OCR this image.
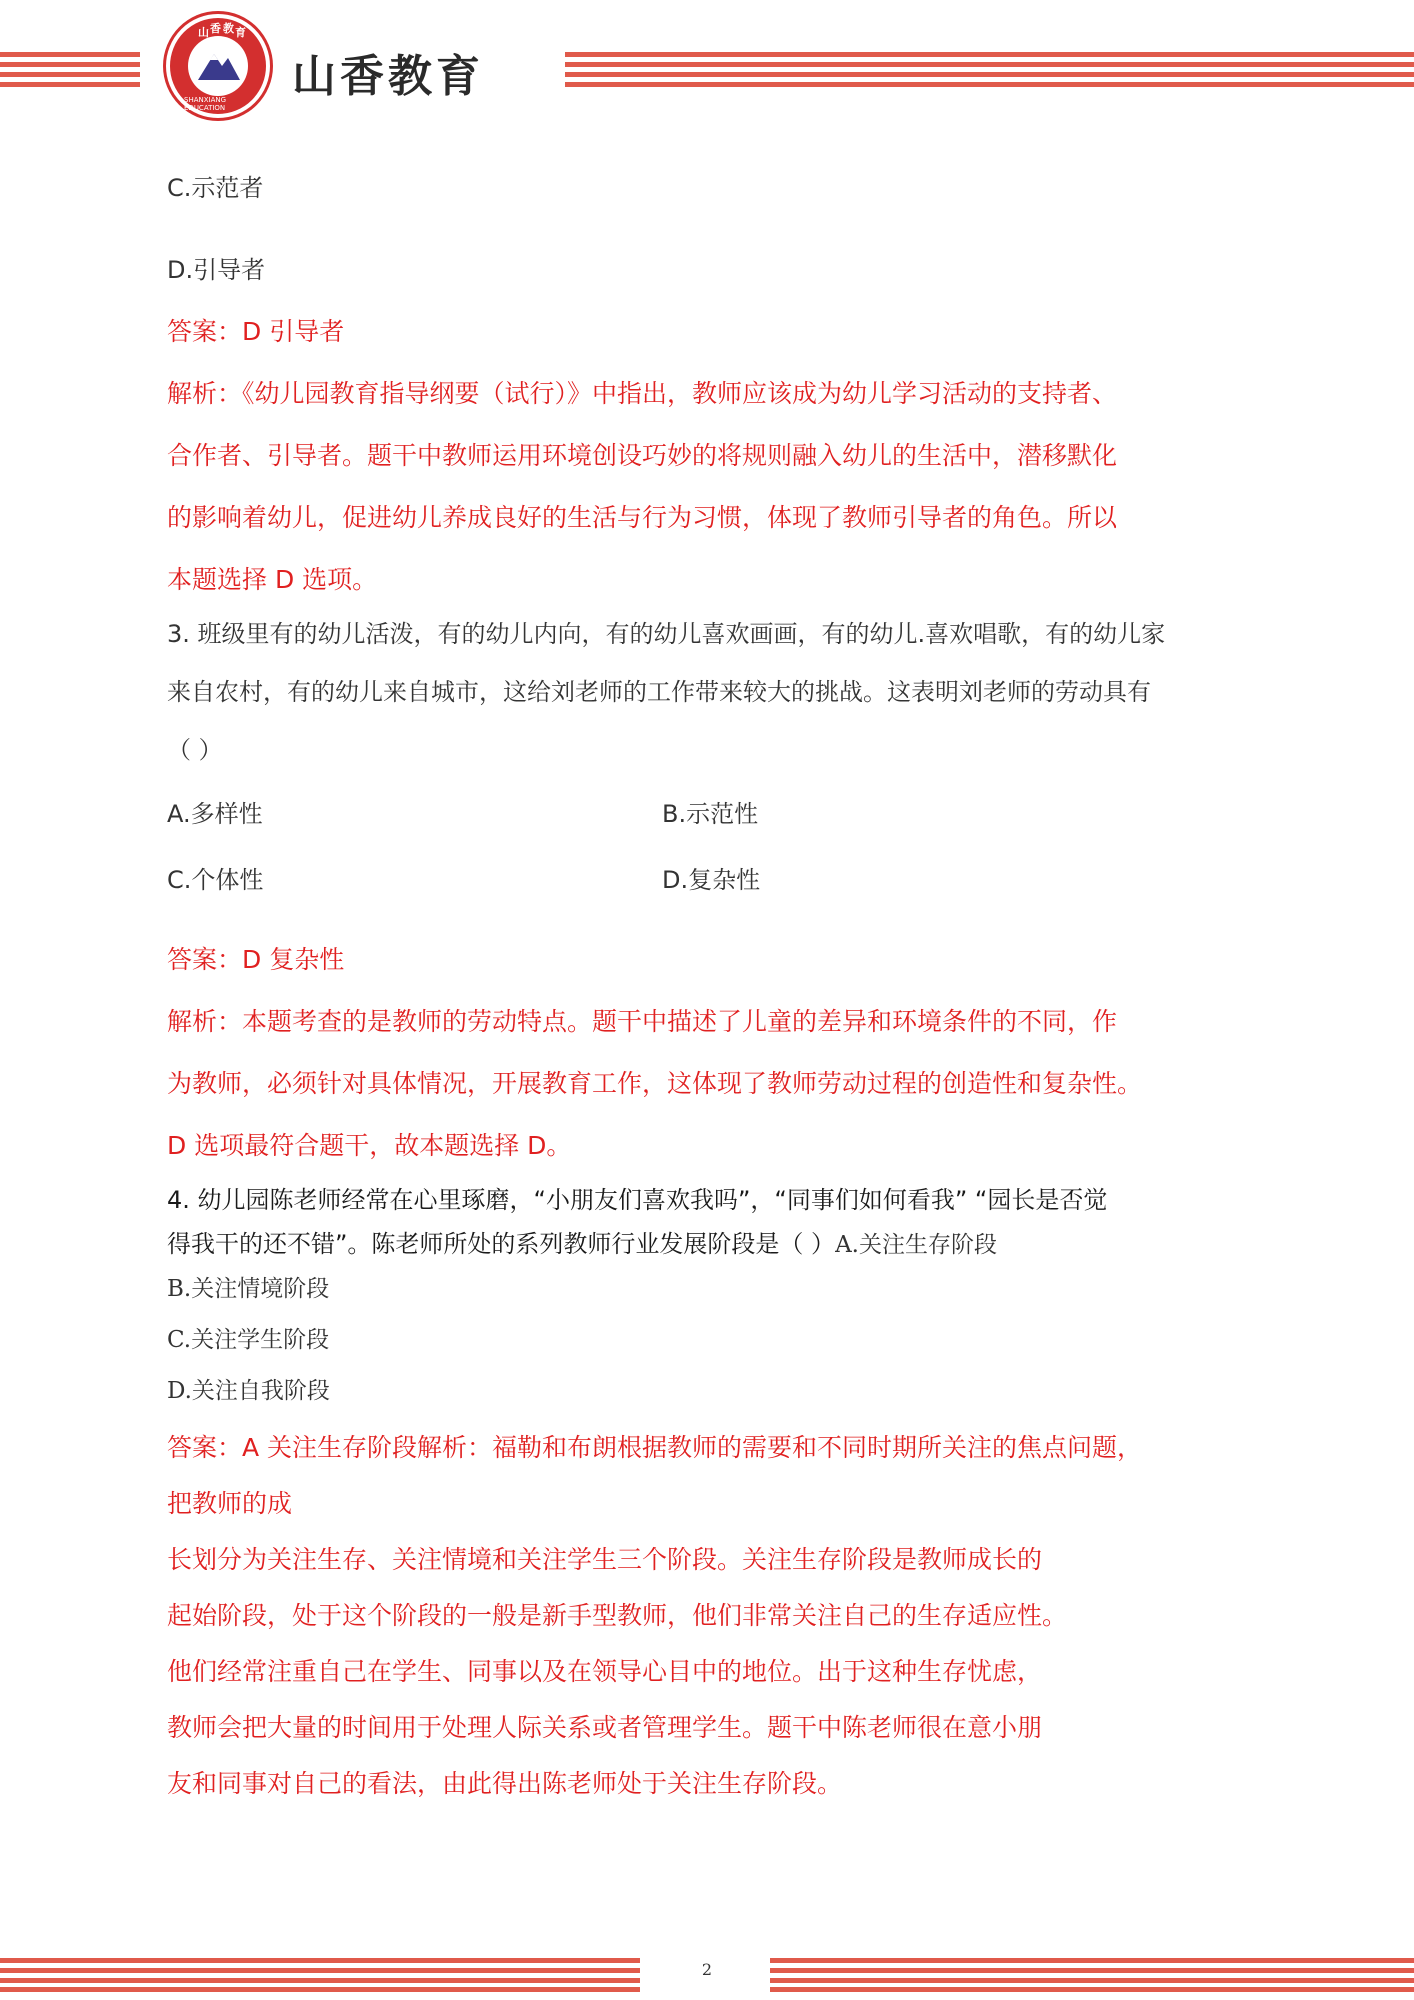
山 香 教 育
SHANXIANG EDUCATION
山香教育
C.示范者
D.引导者
答案：D 引导者
解析：《幼儿园教育指导纲要（试行）》中指出，教师应该成为幼儿学习活动的支持者、
合作者、引导者。题干中教师运用环境创设巧妙的将规则融入幼儿的生活中，潜移默化
的影响着幼儿，促进幼儿养成良好的生活与行为习惯，体现了教师引导者的角色。所以
本题选择 D 选项。
3. 班级里有的幼儿活泼，有的幼儿内向，有的幼儿喜欢画画，有的幼儿.喜欢唱歌，有的幼儿家
来自农村，有的幼儿来自城市，这给刘老师的工作带来较大的挑战。这表明刘老师的劳动具有
（ ）
A.多样性	B.示范性
C.个体性	D.复杂性
答案：D 复杂性
解析：本题考查的是教师的劳动特点。题干中描述了儿童的差异和环境条件的不同，作
为教师，必须针对具体情况，开展教育工作，这体现了教师劳动过程的创造性和复杂性。
D 选项最符合题干，故本题选择 D。
4. 幼儿园陈老师经常在心里琢磨，“小朋友们喜欢我吗”，“同事们如何看我” “园长是否觉
得我干的还不错”。陈老师所处的系列教师行业发展阶段是（ ）A.关注生存阶段
B.关注情境阶段
C.关注学生阶段
D.关注自我阶段
答案：A 关注生存阶段解析：福勒和布朗根据教师的需要和不同时期所关注的焦点问题，
把教师的成
长划分为关注生存、关注情境和关注学生三个阶段。关注生存阶段是教师成长的
起始阶段，处于这个阶段的一般是新手型教师，他们非常关注自己的生存适应性。
他们经常注重自己在学生、同事以及在领导心目中的地位。出于这种生存忧虑，
教师会把大量的时间用于处理人际关系或者管理学生。题干中陈老师很在意小朋
友和同事对自己的看法，由此得出陈老师处于关注生存阶段。
2
